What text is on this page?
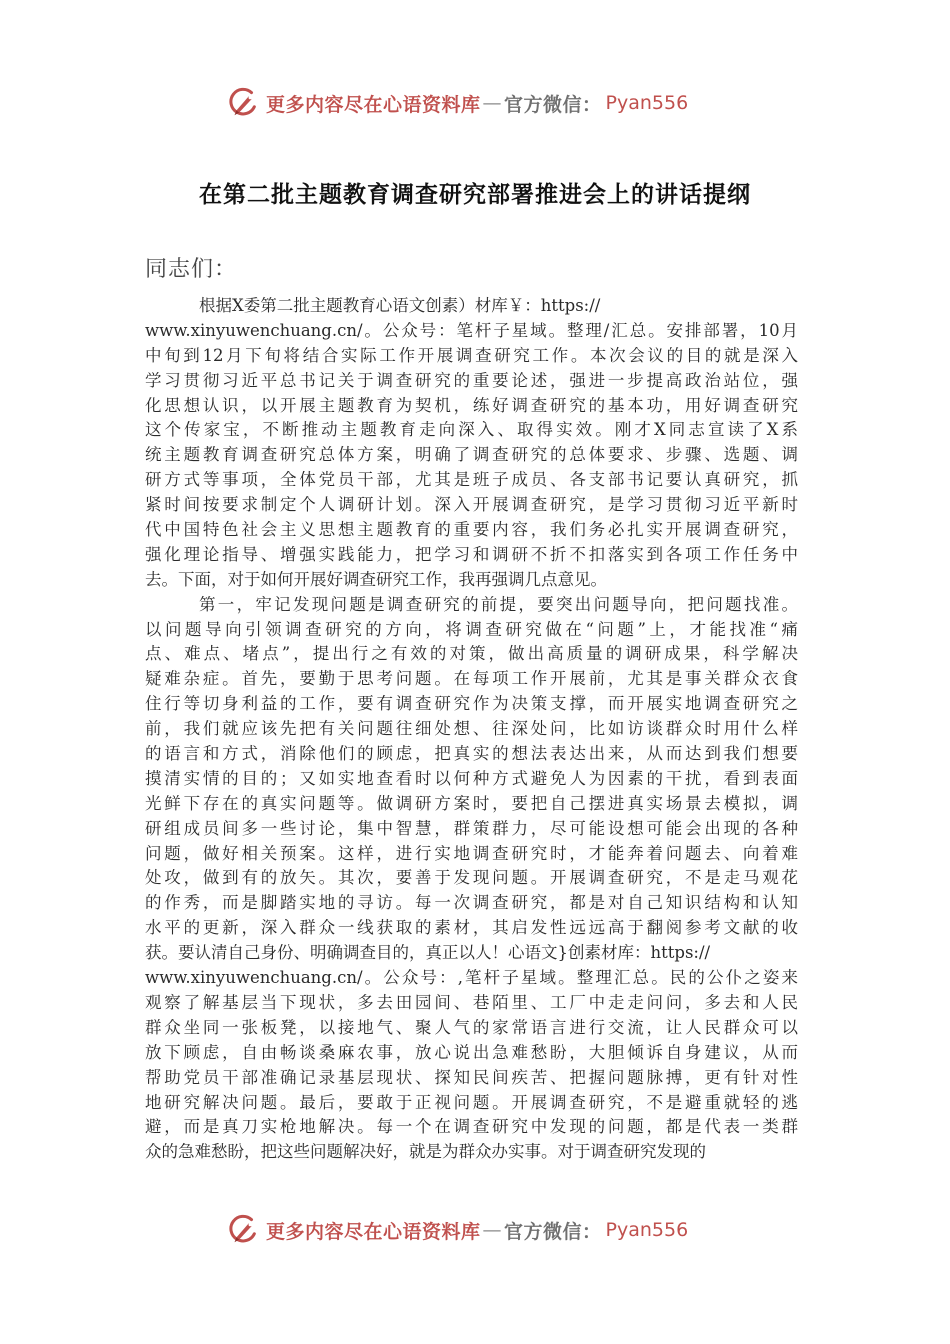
更多内容尽在心语资料库 — 官方微信： Pyan556
在第二批主题教育调查研究部署推进会上的讲话提纲
同志们：
根据X委第二批主题教育心语文创素）材库￥：https://
www.xinyuwenchuang.cn/。公众号：笔杆子星域。整理/汇总。安排部署，10月
中旬到12月下旬将结合实际工作开展调查研究工作。本次会议的目的就是深入
学习贯彻习近平总书记关于调查研究的重要论述，强进一步提高政治站位，强
化思想认识，以开展主题教育为契机，练好调查研究的基本功，用好调查研究
这个传家宝，不断推动主题教育走向深入、取得实效。刚才X同志宣读了X系
统主题教育调查研究总体方案，明确了调查研究的总体要求、步骤、选题、调
研方式等事项，全体党员干部，尤其是班子成员、各支部书记要认真研究，抓
紧时间按要求制定个人调研计划。深入开展调查研究，是学习贯彻习近平新时
代中国特色社会主义思想主题教育的重要内容，我们务必扎实开展调查研究，
强化理论指导、增强实践能力，把学习和调研不折不扣落实到各项工作任务中
去。下面，对于如何开展好调查研究工作，我再强调几点意见。
第一，牢记发现问题是调查研究的前提，要突出问题导向，把问题找准。
以问题导向引领调查研究的方向，将调查研究做在“问题”上，才能找准“痛
点、难点、堵点”，提出行之有效的对策，做出高质量的调研成果，科学解决
疑难杂症。首先，要勤于思考问题。在每项工作开展前，尤其是事关群众衣食
住行等切身利益的工作，要有调查研究作为决策支撑，而开展实地调查研究之
前，我们就应该先把有关问题往细处想、往深处问，比如访谈群众时用什么样
的语言和方式，消除他们的顾虑，把真实的想法表达出来，从而达到我们想要
摸清实情的目的；又如实地查看时以何种方式避免人为因素的干扰，看到表面
光鲜下存在的真实问题等。做调研方案时，要把自己摆进真实场景去模拟，调
研组成员间多一些讨论，集中智慧，群策群力，尽可能设想可能会出现的各种
问题，做好相关预案。这样，进行实地调查研究时，才能奔着问题去、向着难
处攻，做到有的放矢。其次，要善于发现问题。开展调查研究，不是走马观花
的作秀，而是脚踏实地的寻访。每一次调查研究，都是对自己知识结构和认知
水平的更新，深入群众一线获取的素材，其启发性远远高于翻阅参考文献的收
获。要认清自己身份、明确调查目的，真正以人！心语文}创素材库：https://
www.xinyuwenchuang.cn/。公众号：,笔杆子星域。整理汇总。民的公仆之姿来
观察了解基层当下现状，多去田园间、巷陌里、工厂中走走问问，多去和人民
群众坐同一张板凳，以接地气、聚人气的家常语言进行交流，让人民群众可以
放下顾虑，自由畅谈桑麻农事，放心说出急难愁盼，大胆倾诉自身建议，从而
帮助党员干部准确记录基层现状、探知民间疾苦、把握问题脉搏，更有针对性
地研究解决问题。最后，要敢于正视问题。开展调查研究，不是避重就轻的逃
避，而是真刀实枪地解决。每一个在调查研究中发现的问题，都是代表一类群
众的急难愁盼，把这些问题解决好，就是为群众办实事。对于调查研究发现的
更多内容尽在心语资料库 — 官方微信： Pyan556
